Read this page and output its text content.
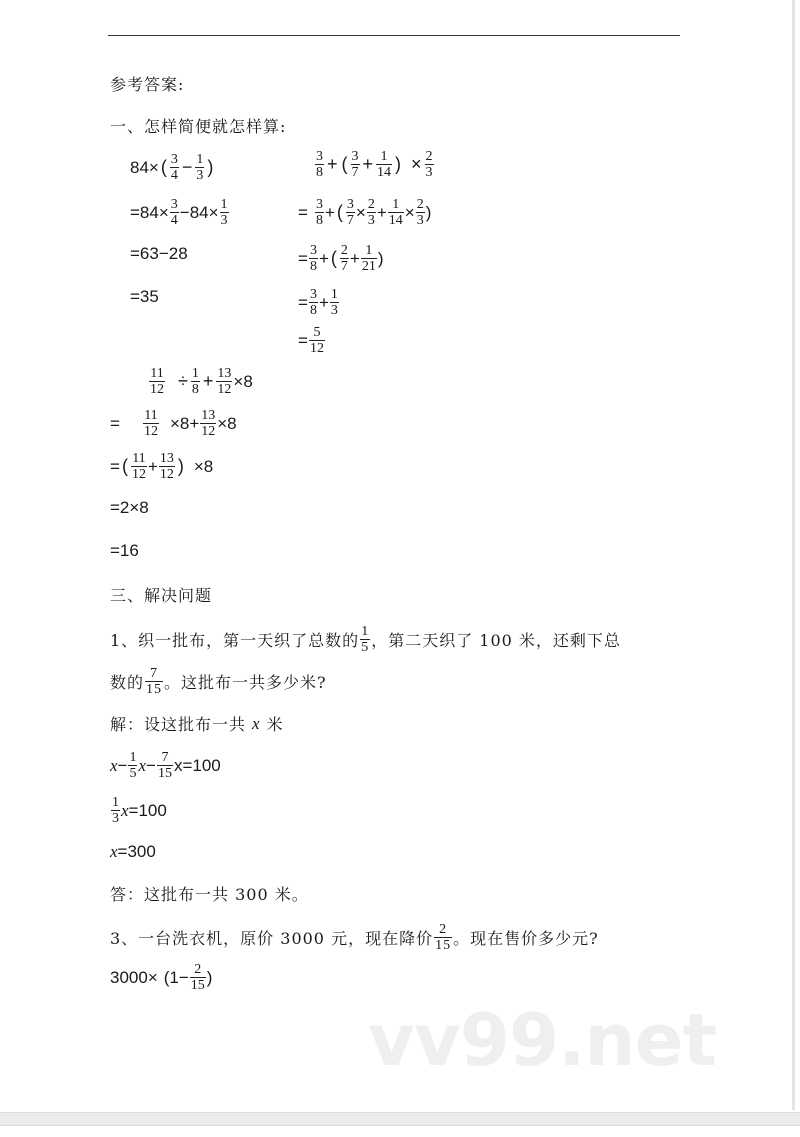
参考答案:
一、怎样简便就怎样算:
84× ( $\frac{3}{4} - \frac{1}{3}$ )
$=84\times \frac{3}{4} -84\times \frac{1}{3}$
=63−28
=35
$\frac{3}{8}$ + ( $\frac{3}{7} + \frac{1}{14}$ ) × $\frac{2}{3}$
= $\frac{3}{8}$ + ( $\frac{3}{7} \times \frac{2}{3} + \frac{1}{14} \times \frac{2}{3}$ )
= $\frac{3}{8}$ + ( $\frac{2}{7} + \frac{1}{21}$ )
= $\frac{3}{8} + \frac{1}{3}$
= $\frac{5}{12}$
$\frac{11}{12} \div \frac{1}{8} + \frac{13}{12} \times 8$
= $\frac{11}{12} \times 8+ \frac{13}{12} \times 8$
= ( $\frac{11}{12} + \frac{13}{12}$ ) ×8
=2×8
=16
三、解决问题
1、织一批布，第一天织了总数的 $\frac{1}{5}$ ，第二天织了 100 米，还剩下总
数的 $\frac{7}{15}$ 。这批布一共多少米?
解：设这批布一共 x 米
$x - \frac{1}{5}$ $x - \frac{7}{15} x=100$
$\frac{1}{3}$ x =100
x =300
答：这批布一共 300 米。
3、一台洗衣机，原价 3000 元，现在降价 $\frac{2}{15}$ 。现在售价多少元?
$3000\times (1- \frac{2}{15}$ )
vv99.net
